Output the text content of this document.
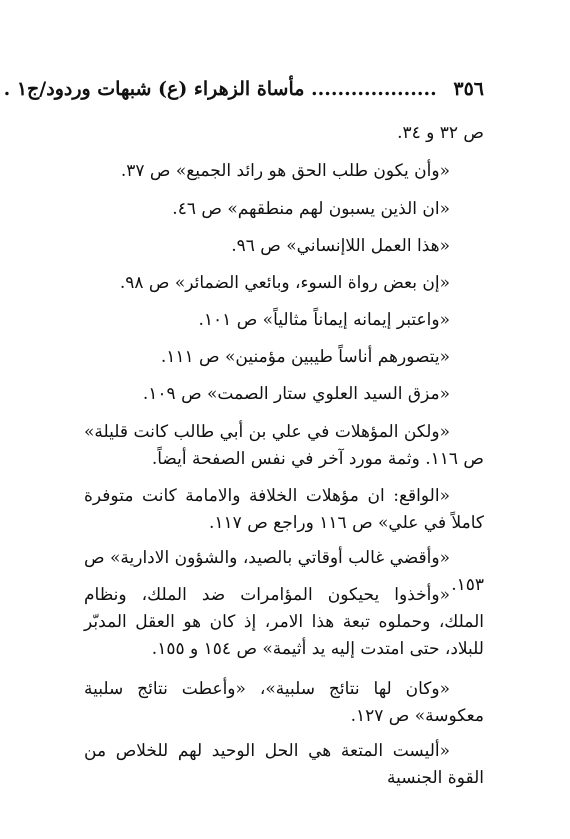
٣٥٦ ................... مأساة الزهراء (ع) شبهات وردود/ج١ .
ص ٣٢ و ٣٤.
«وأن يكون طلب الحق هو رائد الجميع» ص ٣٧.
«ان الذين يسبون لهم منطقهم» ص ٤٦.
«هذا العمل اللاإنساني» ص ٩٦.
«إن بعض رواة السوء، وبائعي الضمائر» ص ٩٨.
«واعتبر إيمانه إيماناً مثالياً» ص ١٠١.
«يتصورهم أناساً طيبين مؤمنين» ص ١١١.
«مزق السيد العلوي ستار الصمت» ص ١٠٩.
«ولكن المؤهلات في علي بن أبي طالب كانت قليلة» ص ١١٦. وثمة مورد آخر في نفس الصفحة أيضاً.
«الواقع: ان مؤهلات الخلافة والامامة كانت متوفرة كاملاً في علي» ص ١١٦ وراجع ص ١١٧.
«وأقضي غالب أوقاتي بالصيد، والشؤون الادارية» ص ١٥٣.
«وأخذوا يحيكون المؤامرات ضد الملك، ونظام الملك، وحملوه تبعة هذا الامر، إذ كان هو العقل المدبّر للبلاد، حتى امتدت إليه يد أثيمة» ص ١٥٤ و ١٥٥.
«وكان لها نتائج سلبية»، «وأعطت نتائج سلبية معكوسة» ص ١٢٧.
«أليست المتعة هي الحل الوحيد لهم للخلاص من القوة الجنسية
